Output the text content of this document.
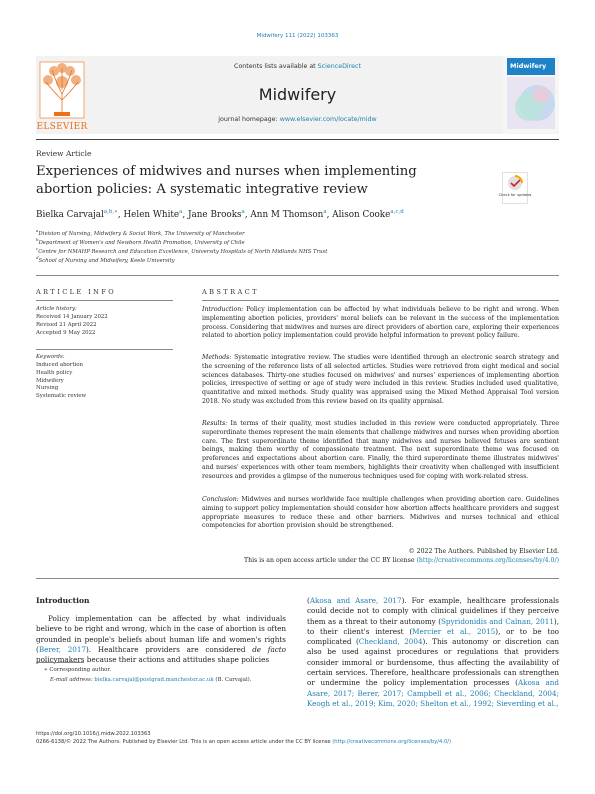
Midwifery 111 (2022) 103363
ELSEVIER
Contents lists available at ScienceDirect
Midwifery
journal homepage: www.elsevier.com/locate/midw
Midwifery
Review Article
Experiences of midwives and nurses when implementing abortion policies: A systematic integrative review	Check for updates
Bielka Carvajal$^{a,b,∗}$, Helen White$^a$, Jane Brooks$^a$, Ann M Thomson$^a$, Alison Cooke$^{a,c,d}$
$^a$Division of Nursing, Midwifery & Social Work, The University of Manchester
$^b$Department of Women's and Newborn Health Promotion, University of Chile
$^c$Centre for NMAHP Research and Education Excellence, University Hospitals of North Midlands NHS Trust
$^d$School of Nursing and Midwifery, Keele University
ARTICLE INFO
Article history:
Received 14 January 2022
Revised 21 April 2022
Accepted 9 May 2022
Keywords:
Induced abortion
Health policy
Midwifery
Nursing
Systematic review
ABSTRACT
Introduction: Policy implementation can be affected by what individuals believe to be right and wrong. When implementing abortion policies, providers' moral beliefs can be relevant in the success of the implementation process. Considering that midwives and nurses are direct providers of abortion care, exploring their experiences related to abortion policy implementation could provide helpful information to prevent policy failure.
Methods: Systematic integrative review. The studies were identified through an electronic search strategy and the screening of the reference lists of all selected articles. Studies were retrieved from eight medical and social sciences databases. Thirty-one studies focused on midwives' and nurses' experiences of implementing abortion policies, irrespective of setting or age of study were included in this review. Studies included used qualitative, quantitative and mixed methods. Study quality was appraised using the Mixed Method Appraisal Tool version 2018. No study was excluded from this review based on its quality appraisal.
Results: In terms of their quality, most studies included in this review were conducted appropriately. Three superordinate themes represent the main elements that challenge midwives and nurses when providing abortion care. The first superordinate theme identified that many midwives and nurses believed fetuses are sentient beings, making them worthy of compassionate treatment. The next superordinate theme was focused on preferences and expectations about abortion care. Finally, the third superordinate theme illustrates midwives' and nurses' experiences with other team members, highlights their creativity when challenged with insufficient resources and provides a glimpse of the numerous techniques used for coping with work-related stress.
Conclusion: Midwives and nurses worldwide face multiple challenges when providing abortion care. Guidelines aiming to support policy implementation should consider how abortion affects healthcare providers and suggest appropriate measures to reduce these and other barriers. Midwives and nurses technical and ethical competencies for abortion provision should be strengthened.
© 2022 The Authors. Published by Elsevier Ltd.
This is an open access article under the CC BY license (http://creativecommons.org/licenses/by/4.0/)
Introduction
Policy implementation can be affected by what individuals believe to be right and wrong, which in the case of abortion is often grounded in people's beliefs about human life and women's rights (Berer, 2017). Healthcare providers are considered de facto policymakers because their actions and attitudes shape policies
(Akosa and Asare, 2017). For example, healthcare professionals could decide not to comply with clinical guidelines if they perceive them as a threat to their autonomy (Spyridonidis and Calnan, 2011), to their client's interest (Mercier et al., 2015), or to be too complicated (Checkland, 2004). This autonomy or discretion can also be used against procedures or regulations that providers consider immoral or burdensome, thus affecting the availability of certain services. Therefore, healthcare professionals can strengthen or undermine the policy implementation processes (Akosa and Asare, 2017; Berer, 2017; Campbell et al., 2006; Checkland, 2004; Keogh et al., 2019; Kim, 2020; Shelton et al., 1992; Sieverding et al.,
∗ Corresponding author.
E-mail address: bielka.carvajal@postgrad.manchester.ac.uk (B. Carvajal).
https://doi.org/10.1016/j.midw.2022.103363
0266-6138/© 2022 The Authors. Published by Elsevier Ltd. This is an open access article under the CC BY license (http://creativecommons.org/licenses/by/4.0/)
